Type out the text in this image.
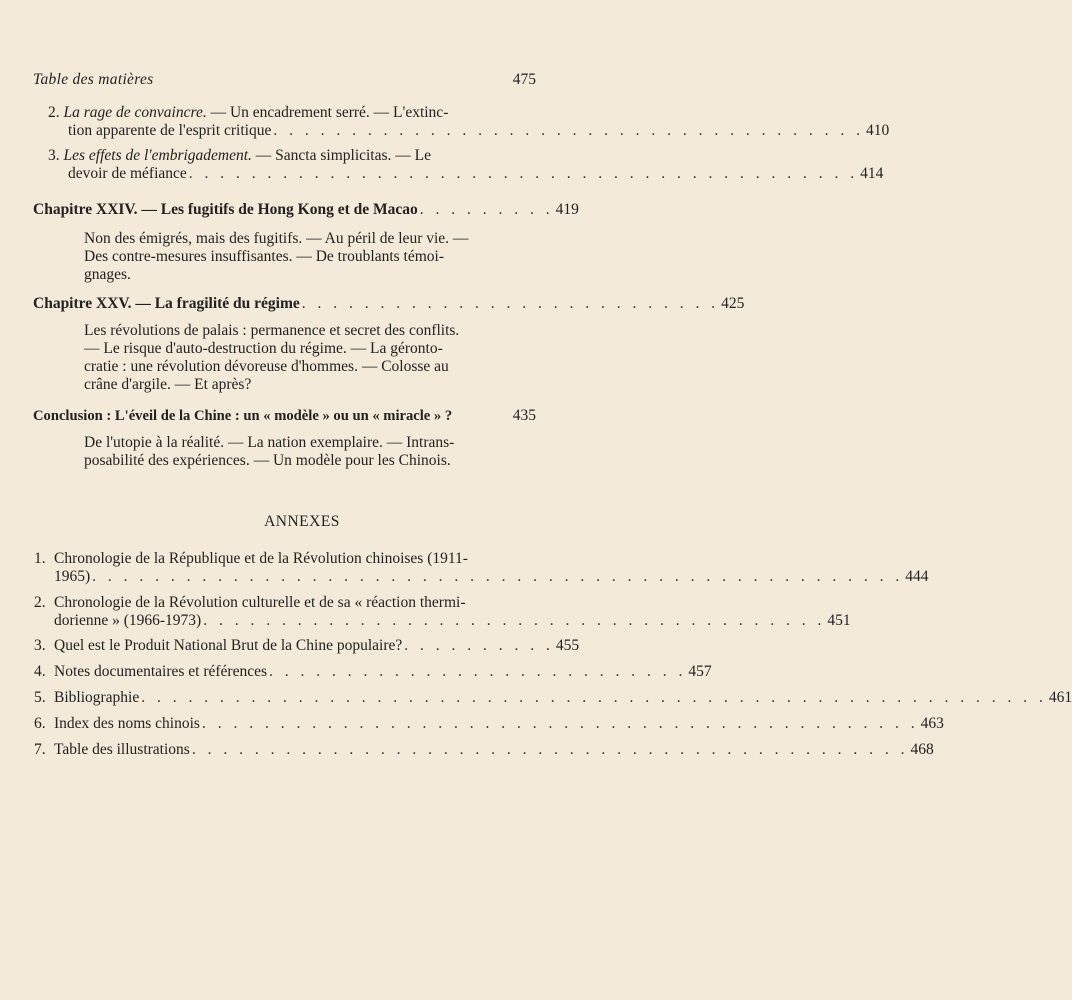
Table des matières	475
2. La rage de convaincre. — Un encadrement serré. — L'extinc-
tion apparente de l'esprit critique . . . . . . . . . . . . . . . . . . . . . . . . . . . . . . . . . . . . . . 410
3. Les effets de l'embrigadement. — Sancta simplicitas. — Le
devoir de méfiance . . . . . . . . . . . . . . . . . . . . . . . . . . . . . . . . . . . . . . . . . . . 414
Chapitre XXIV. — Les fugitifs de Hong Kong et de Macao . . . . . . . . . 419
Non des émigrés, mais des fugitifs. — Au péril de leur vie. —
Des contre-mesures insuffisantes. — De troublants témoi-
gnages.
Chapitre XXV. — La fragilité du régime . . . . . . . . . . . . . . . . . . . . . . . . . . . 425
Les révolutions de palais : permanence et secret des conflits.
— Le risque d'auto-destruction du régime. — La géronto-
cratie : une révolution dévoreuse d'hommes. — Colosse au
crâne d'argile. — Et après?
Conclusion : L'éveil de la Chine : un « modèle » ou un « miracle » ?	435
De l'utopie à la réalité. — La nation exemplaire. — Intrans-
posabilité des expériences. — Un modèle pour les Chinois.
ANNEXES
1. Chronologie de la République et de la Révolution chinoises (1911-
1965) . . . . . . . . . . . . . . . . . . . . . . . . . . . . . . . . . . . . . . . . . . . . . . . . . . . . 444
2. Chronologie de la Révolution culturelle et de sa « réaction thermi-
dorienne » (1966-1973) . . . . . . . . . . . . . . . . . . . . . . . . . . . . . . . . . . . . . . . . 451
3. Quel est le Produit National Brut de la Chine populaire? . . . . . . . . . . 455
4. Notes documentaires et références . . . . . . . . . . . . . . . . . . . . . . . . . . . 457
5. Bibliographie . . . . . . . . . . . . . . . . . . . . . . . . . . . . . . . . . . . . . . . . . . . . . . . . . . . . . . . . . . 461
6. Index des noms chinois . . . . . . . . . . . . . . . . . . . . . . . . . . . . . . . . . . . . . . . . . . . . . . 463
7. Table des illustrations . . . . . . . . . . . . . . . . . . . . . . . . . . . . . . . . . . . . . . . . . . . . . . 468
